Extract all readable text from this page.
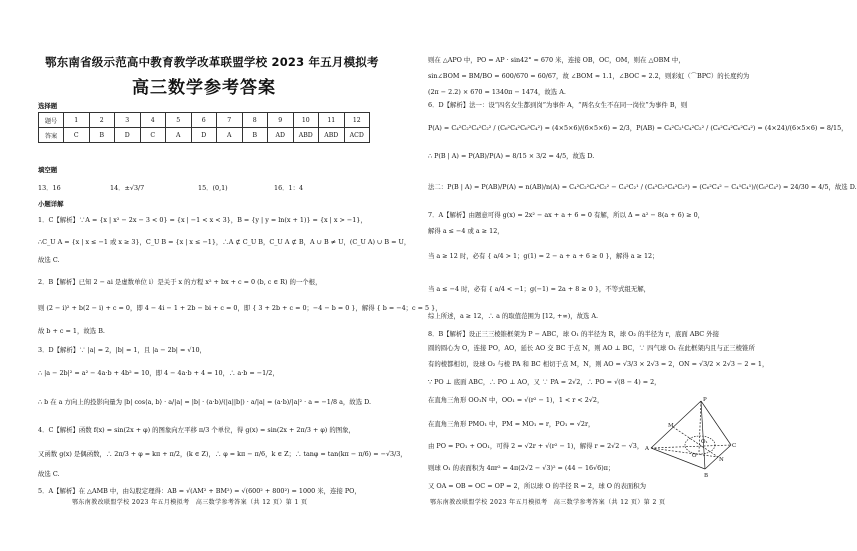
鄂东南省级示范高中教育教学改革联盟学校 2023 年五月模拟考
高三数学参考答案
选择题
题号	1	2	3	4	5	6	7	8	9	10	11	12
答案	C	B	D	C	A	D	A	B	AD	ABD	ABD	ACD
填空题
13．16	14．±√3/7	15．(0,1)	16．1：4
小题详解
1．C【解析】∵A = {x | x² − 2x − 3 < 0} = {x | −1 < x < 3}，B = {y | y = ln(x + 1)} = {x | x > −1}，
∴C_U A = {x | x ≤ −1 或 x ≥ 3}，C_U B = {x | x ≤ −1}，∴A ⊄ C_U B，C_U A ⊄ B，A ∪ B ≠ U，(C_U A) ∪ B = U，
故选 C.
2．B【解析】已知 2 − ai 是虚数单位 i）是关于 x 的方程 x² + bx + c = 0 (b, c ∈ R) 的一个根，
则 (2 − i)² + b(2 − i) + c = 0，即 4 − 4i − 1 + 2b − bi + c = 0，即 { 3 + 2b + c = 0；−4 − b = 0 }，解得 { b = −4；c = 5 }，
故 b + c = 1，故选 B.
3．D【解析】∵ |a| = 2，|b| = 1，且 |a − 2b| = √10，
∴ |a − 2b|² = a² − 4a·b + 4b² = 10，即 4 − 4a·b + 4 = 10，∴ a·b = −1/2，
∴ b 在 a 方向上的投影向量为 |b| cos⟨a, b⟩ · a/|a| = |b| · (a·b)/(|a||b|) · a/|a| = (a·b)/|a|² · a = −1/8 a，故选 D.
4．C【解析】函数 f(x) = sin(2x + φ) 的图象向左平移 π/3 个单位，得 g(x) = sin(2x + 2π/3 + φ) 的图象，
又函数 g(x) 是偶函数，∴ 2π/3 + φ = kπ + π/2，(k ∈ Z)，∴ φ = kπ − π/6，k ∈ Z；∴ tanφ = tan(kπ − π/6) = −√3/3，
故选 C.
5．A【解析】在 △AMB 中，由勾股定理得：AB = √(AM² + BM²) = √(600² + 800²) = 1000 米，连接 PO，
鄂东南教改联盟学校 2023 年五月模拟考　高三数学参考答案（共 12 页）第 1 页
则在 △APO 中，PO = AP · sin42° ≈ 670 米，连接 OB，OC，OM，则在 △OBM 中，
sin∠BOM = BM/BO = 600/670 = 60/67，故 ∠BOM ≈ 1.1，∠BOC ≈ 2.2，则彩虹（⌒BPC）的长度约为
(2π − 2.2) × 670 = 1340π − 1474，故选 A.
6．D【解析】法一：设“四名女生都到岗”为事件 A，“两名女生不在同一岗位”为事件 B，则
P(A) = C₄²C₂²C₄²C₂² / (C₆²C₄²C₆²C₄²) = (4×5×6)/(6×5×6) = 2/3，P(AB) = C₄²C₂¹C₄²C₂² / (C₆²C₄²C₆²C₄²) = (4×24)/(6×5×6) = 8/15，
∴ P(B | A) = P(AB)/P(A) = 8/15 × 3/2 = 4/5，故选 D.
法二：P(B | A) = P(AB)/P(A) = n(AB)/n(A) = C₄²C₂²C₄²C₂² − C₄²C₂¹ / (C₄²C₂²C₄²C₂²) = (C₆²C₄² − C₄¹C₄¹)/(C₆²C₄²) = 24/30 = 4/5，故选 D.
7．A【解析】由题意可得 g(x) = 2x² − ax + a + 6 = 0 有解，所以 Δ = a² − 8(a + 6) ≥ 0，
解得 a ≤ −4 或 a ≥ 12，
当 a ≥ 12 时，必有 { a/4 > 1；g(1) = 2 − a + a + 6 ≥ 0 }，解得 a ≥ 12；
当 a ≤ −4 时，必有 { a/4 < −1；g(−1) = 2a + 8 ≥ 0 }，不等式组无解，
综上所述，a ≥ 12，∴ a 的取值范围为 [12, +∞)，故选 A.
8．B【解析】设正三三棱锥框架为 P − ABC，球 O₁ 的半径为 R，球 O₂ 的半径为 r，底面 ABC 外接
圆的圆心为 O，连接 PO，AO，延长 AO 交 BC 于点 N，则 AO ⊥ BC，∵ 四气球 O₁ 在此框架内且与正三棱锥所
有的棱都相切，设球 O₂ 与棱 PA 和 BC 相切于点 M，N，则 AO = √3/3 × 2√3 = 2，ON = √3/2 × 2√3 − 2 = 1，
∵ PO ⊥ 底面 ABC，∴ PO ⊥ AO，又 ∵ PA = 2√2，∴ PO = √(8 − 4) = 2，
在直角三角形 OO₁N 中，OO₁ = √(r² − 1)，1 < r < 2√2，
在直角三角形 PMO₁ 中，PM = MO₁ = r，PO₁ = √2r，
由 PO = PO₁ + OO₁，可得 2 = √2r + √(r² − 1)，解得 r = 2√2 − √3，
则球 O₁ 的表面积为 4πr² = 4π(2√2 − √3)² = (44 − 16√6)π；
又 OA = OB = OC = OP = 2，所以球 O 的半径 R = 2，球 O 的表面积为
P
M
A
O
O₁
N
C
B
鄂东南教改联盟学校 2023 年五月模拟考　高三数学参考答案（共 12 页）第 2 页
